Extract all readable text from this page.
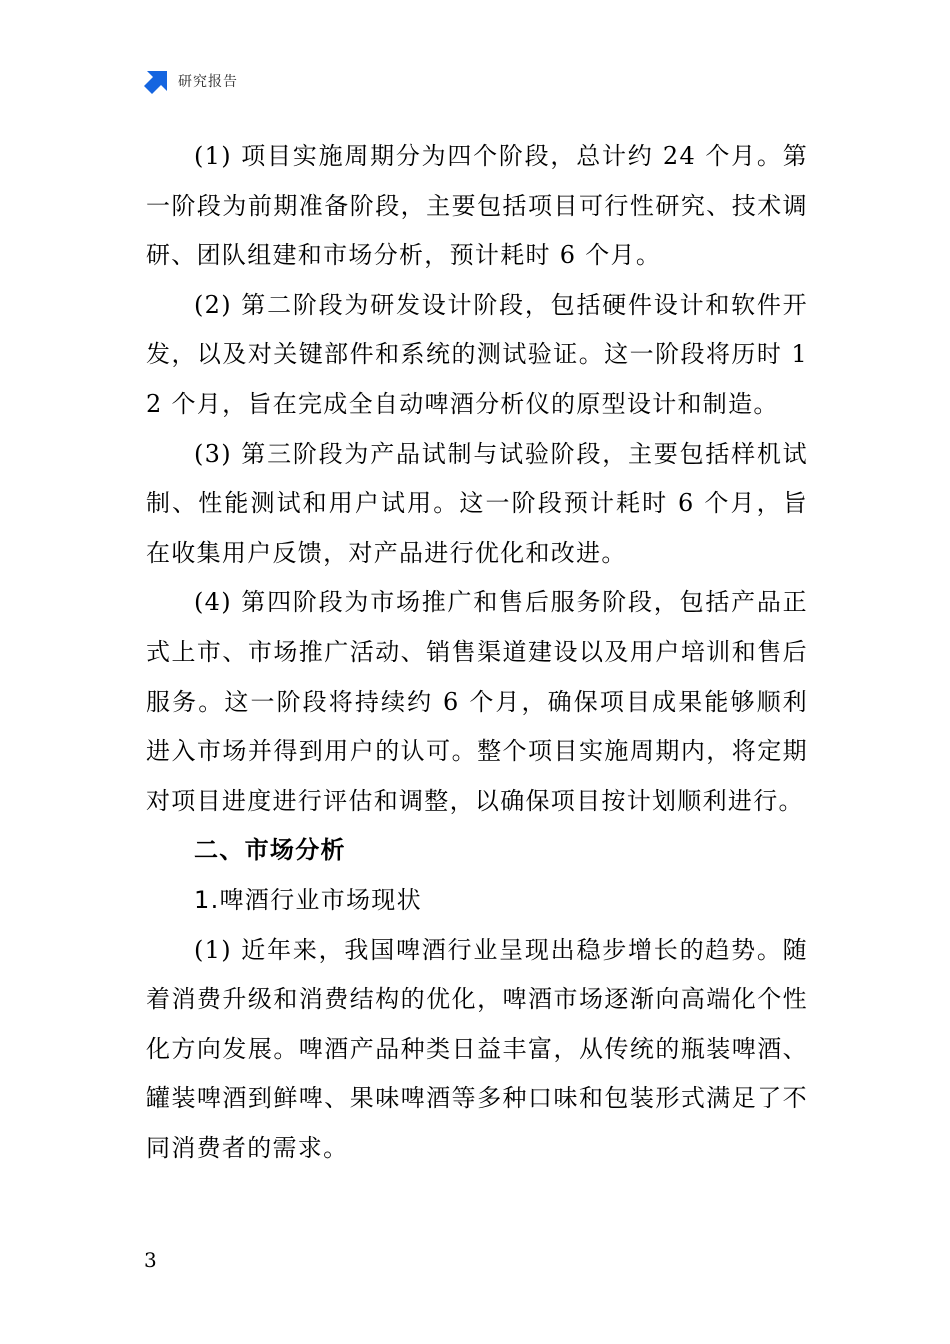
研究报告

(1) 项目实施周期分为四个阶段，总计约 24 个月。第一阶段为前期准备阶段，主要包括项目可行性研究、技术调研、团队组建和市场分析，预计耗时 6 个月。

(2) 第二阶段为研发设计阶段，包括硬件设计和软件开发，以及对关键部件和系统的测试验证。这一阶段将历时 12 个月，旨在完成全自动啤酒分析仪的原型设计和制造。

(3) 第三阶段为产品试制与试验阶段，主要包括样机试制、性能测试和用户试用。这一阶段预计耗时 6 个月，旨在收集用户反馈，对产品进行优化和改进。

(4) 第四阶段为市场推广和售后服务阶段，包括产品正式上市、市场推广活动、销售渠道建设以及用户培训和售后服务。这一阶段将持续约 6 个月，确保项目成果能够顺利进入市场并得到用户的认可。整个项目实施周期内，将定期对项目进度进行评估和调整，以确保项目按计划顺利进行。

二、市场分析

1.啤酒行业市场现状

(1) 近年来，我国啤酒行业呈现出稳步增长的趋势。随着消费升级和消费结构的优化，啤酒市场逐渐向高端化个性化方向发展。啤酒产品种类日益丰富，从传统的瓶装啤酒、罐装啤酒到鲜啤、果味啤酒等多种口味和包装形式满足了不同消费者的需求。

3
